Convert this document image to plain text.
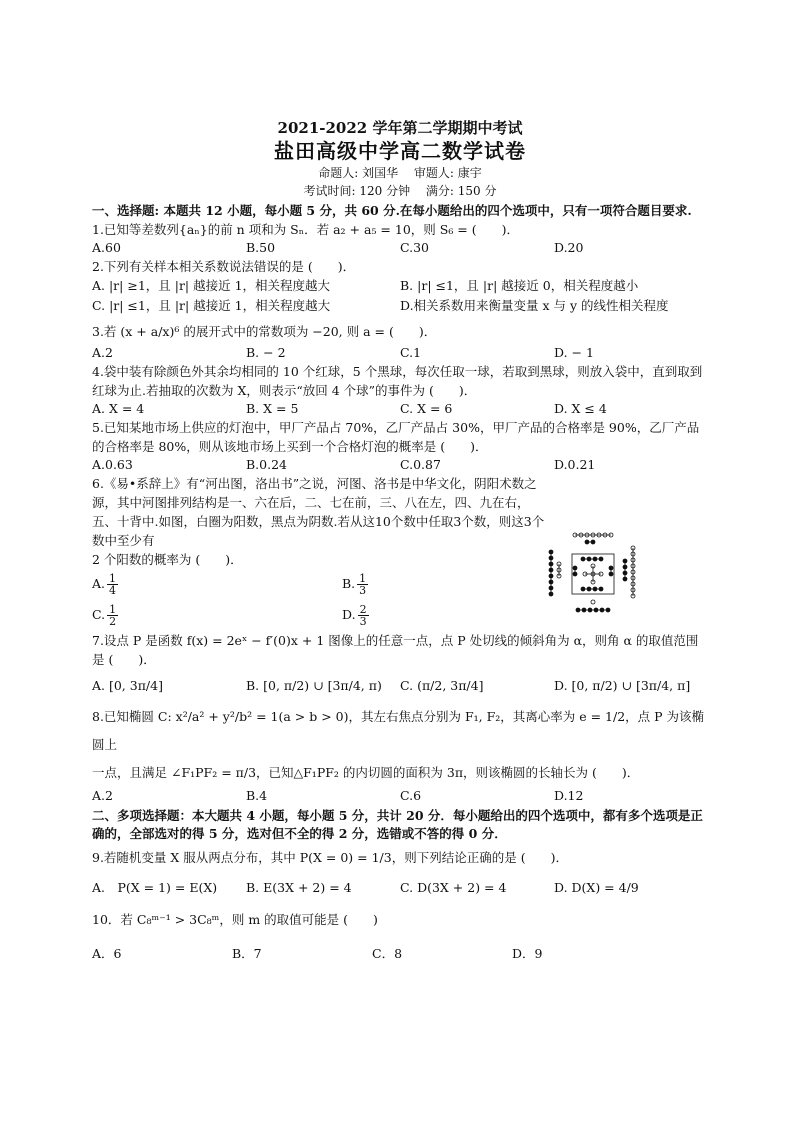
2021-2022 学年第二学期期中考试
盐田高级中学高二数学试卷
命题人: 刘国华　 审题人: 康宇
考试时间: 120 分钟　 满分: 150 分
一、选择题: 本题共 12 小题，每小题 5 分，共 60 分.在每小题给出的四个选项中，只有一项符合题目要求.
1.已知等差数列{aₙ}的前 n 项和为 Sₙ．若 a₂ + a₅ = 10，则 S₆ = (　　)．
A.60	B.50	C.30	D.20
2.下列有关样本相关系数说法错误的是 (　　)．
A. |r| ≥1，且 |r| 越接近 1，相关程度越大	B. |r| ≤1，且 |r| 越接近 0，相关程度越小
C. |r| ≤1，且 |r| 越接近 1，相关程度越大	D.相关系数用来衡量变量 x 与 y 的线性相关程度
3.若 (x + a/x)⁶ 的展开式中的常数项为 −20, 则 a = (　　)．
A.2	B. − 2	C.1	D. − 1
4.袋中装有除颜色外其余均相同的 10 个红球，5 个黑球，每次任取一球，若取到黑球，则放入袋中，直到取到红球为止.若抽取的次数为 X，则表示“放回 4 个球”的事件为 (　　)．
A. X = 4	B. X = 5	C. X = 6	D. X ≤ 4
5.已知某地市场上供应的灯泡中，甲厂产品占 70%，乙厂产品占 30%，甲厂产品的合格率是 90%，乙厂产品的合格率是 80%，则从该地市场上买到一个合格灯泡的概率是 (　　)．
A.0.63	B.0.24	C.0.87	D.0.21
6.《易•系辞上》有“河出图，洛出书”之说，河图、洛书是中华文化，阴阳术数之源，其中河图排列结构是一、六在后，二、七在前，三、八在左，四、九在右，五、十背中.如图，白圈为阳数，黑点为阴数.若从这10个数中任取3个数，则这3个数中至少有
2 个阳数的概率为 (　　)．
A. $\frac{1}{4}$	B. $\frac{1}{3}$
C. $\frac{1}{2}$	D. $\frac{2}{3}$
7.设点 P 是函数 f(x) = 2eˣ − f′(0)x + 1 图像上的任意一点，点 P 处切线的倾斜角为 α，则角 α 的取值范围是 (　　)．
A. [0, 3π/4]	B. [0, π/2) ∪ [3π/4, π)	C. (π/2, 3π/4]	D. [0, π/2) ∪ [3π/4, π]
8.已知椭圆 C: x²/a² + y²/b² = 1(a > b > 0)，其左右焦点分别为 F₁, F₂，其离心率为 e = 1/2，点 P 为该椭圆上
一点，且满足 ∠F₁PF₂ = π/3，已知△F₁PF₂ 的内切圆的面积为 3π，则该椭圆的长轴长为 (　　)．
A.2	B.4	C.6	D.12
二、多项选择题：本大题共 4 小题，每小题 5 分，共计 20 分．每小题给出的四个选项中，都有多个选项是正确的，全部选对的得 5 分，选对但不全的得 2 分，选错或不答的得 0 分．
9.若随机变量 X 服从两点分布，其中 P(X = 0) = 1/3，则下列结论正确的是 (　　)．
A.　P(X = 1) = E(X)	B. E(3X + 2) = 4	C. D(3X + 2) = 4	D. D(X) = 4/9
10．若 C₈ᵐ⁻¹ > 3C₈ᵐ，则 m 的取值可能是 (　　)
A．6	B．7	C．8	D．9
